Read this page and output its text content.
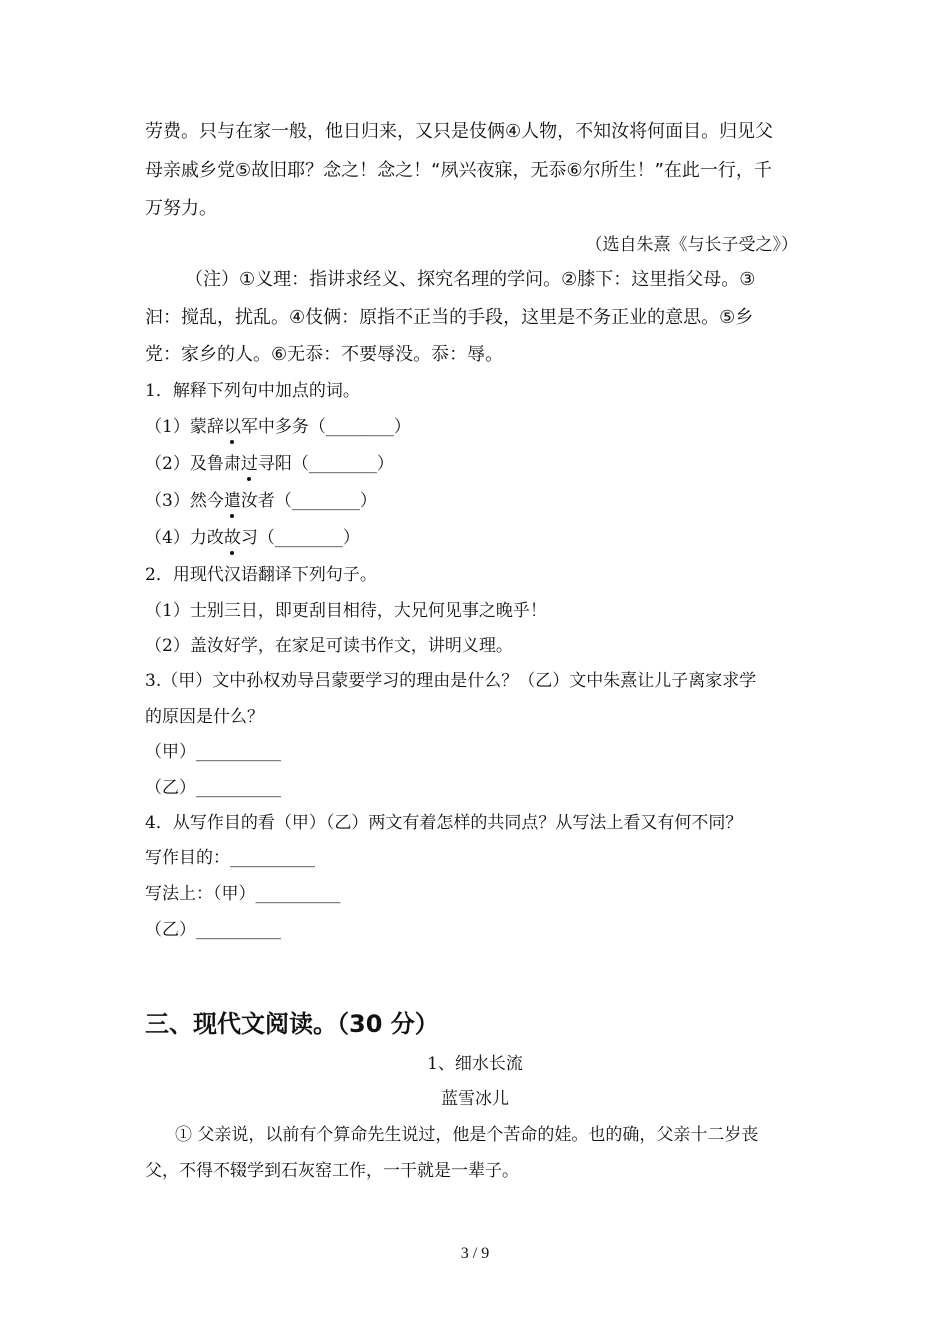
劳费。只与在家一般，他日归来，又只是伎俩④人物，不知汝将何面目。归见父
母亲戚乡党⑤故旧耶？念之！念之！“夙兴夜寐，无忝⑥尔所生！”在此一行，千
万努力。
（选自朱熹《与长子受之》）
（注）①义理：指讲求经义、探究名理的学问。②膝下：这里指父母。③
汩：搅乱，扰乱。④伎俩：原指不正当的手段，这里是不务正业的意思。⑤乡
党：家乡的人。⑥无忝：不要辱没。忝：辱。
1．解释下列句中加点的词。
（1）蒙辞以军中多务（________）
（2）及鲁肃过寻阳（________）
（3）然今遣汝者（________）
（4）力改故习（________）
2．用现代汉语翻译下列句子。
（1）士别三日，即更刮目相待，大兄何见事之晚乎！
（2）盖汝好学，在家足可读书作文，讲明义理。
3.（甲）文中孙权劝导吕蒙要学习的理由是什么？（乙）文中朱熹让儿子离家求学
的原因是什么？
（甲）__________
（乙）__________
4．从写作目的看（甲）（乙）两文有着怎样的共同点？从写法上看又有何不同？
写作目的：__________
写法上：（甲）__________
（乙）__________
三、现代文阅读。（30 分）
1、细水长流
蓝雪冰儿
① 父亲说，以前有个算命先生说过，他是个苦命的娃。也的确，父亲十二岁丧
父，不得不辍学到石灰窑工作，一干就是一辈子。
3 / 9
